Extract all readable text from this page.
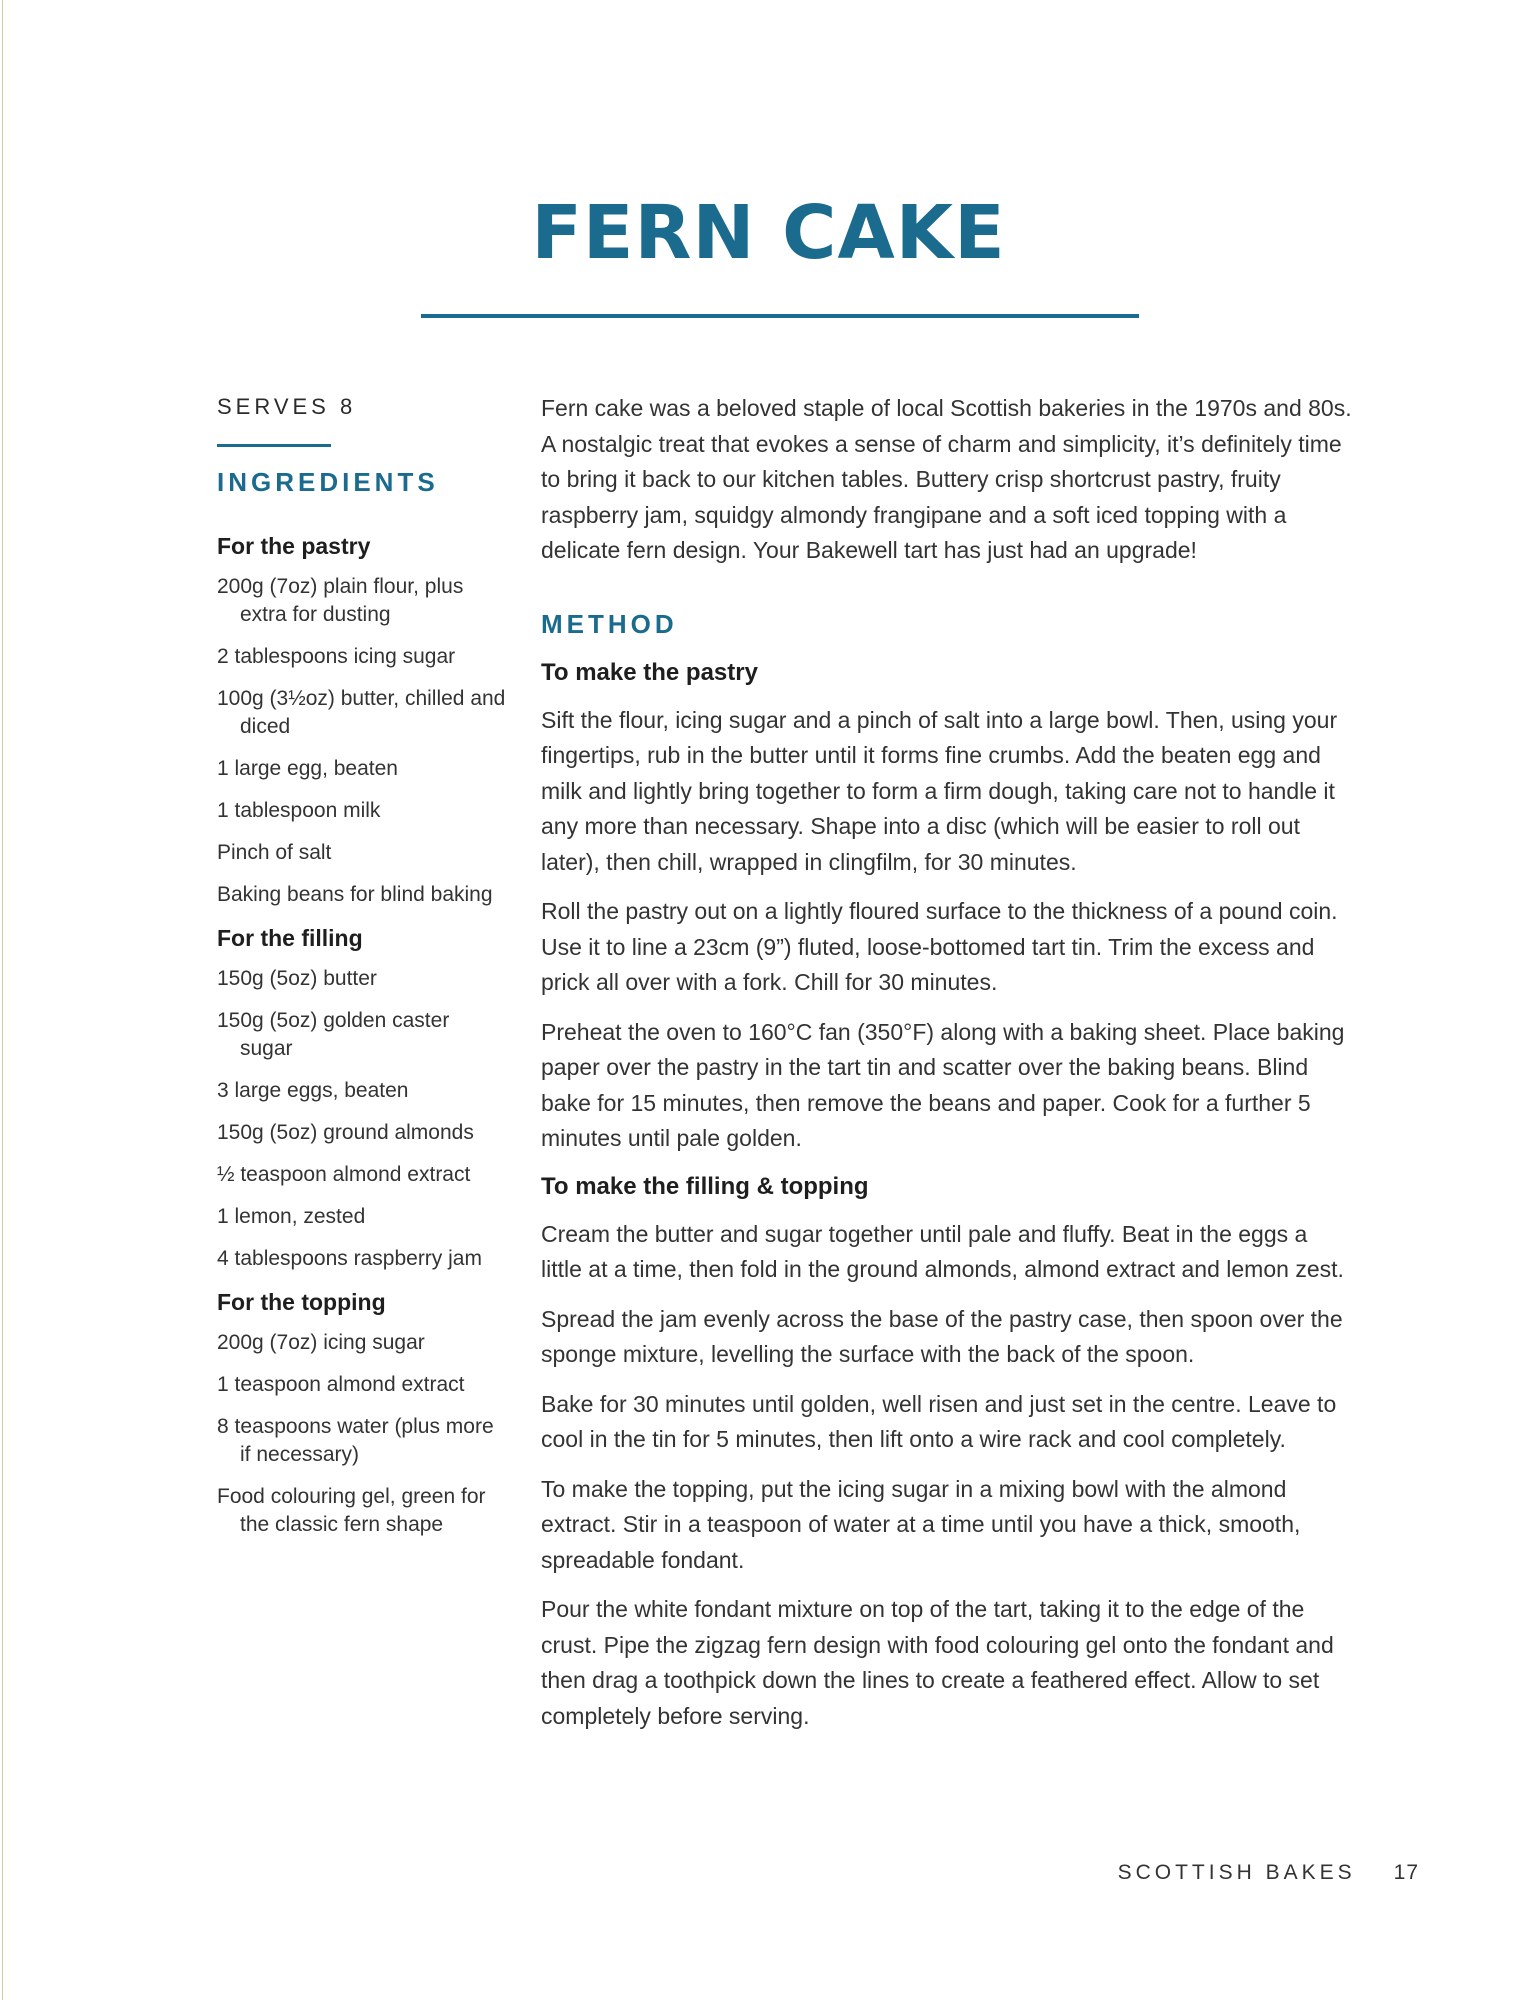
FERN CAKE
SERVES 8
INGREDIENTS
For the pastry
200g (7oz) plain flour, plus extra for dusting
2 tablespoons icing sugar
100g (3½oz) butter, chilled and diced
1 large egg, beaten
1 tablespoon milk
Pinch of salt
Baking beans for blind baking
For the filling
150g (5oz) butter
150g (5oz) golden caster sugar
3 large eggs, beaten
150g (5oz) ground almonds
½ teaspoon almond extract
1 lemon, zested
4 tablespoons raspberry jam
For the topping
200g (7oz) icing sugar
1 teaspoon almond extract
8 teaspoons water (plus more if necessary)
Food colouring gel, green for the classic fern shape

Fern cake was a beloved staple of local Scottish bakeries in the 1970s and 80s. A nostalgic treat that evokes a sense of charm and simplicity, it’s definitely time to bring it back to our kitchen tables. Buttery crisp shortcrust pastry, fruity raspberry jam, squidgy almondy frangipane and a soft iced topping with a delicate fern design. Your Bakewell tart has just had an upgrade!

METHOD
To make the pastry

Sift the flour, icing sugar and a pinch of salt into a large bowl. Then, using your fingertips, rub in the butter until it forms fine crumbs. Add the beaten egg and milk and lightly bring together to form a firm dough, taking care not to handle it any more than necessary. Shape into a disc (which will be easier to roll out later), then chill, wrapped in clingfilm, for 30 minutes.

Roll the pastry out on a lightly floured surface to the thickness of a pound coin. Use it to line a 23cm (9”) fluted, loose-bottomed tart tin. Trim the excess and prick all over with a fork. Chill for 30 minutes.

Preheat the oven to 160°C fan (350°F) along with a baking sheet. Place baking paper over the pastry in the tart tin and scatter over the baking beans. Blind bake for 15 minutes, then remove the beans and paper. Cook for a further 5 minutes until pale golden.

To make the filling & topping

Cream the butter and sugar together until pale and fluffy. Beat in the eggs a little at a time, then fold in the ground almonds, almond extract and lemon zest.

Spread the jam evenly across the base of the pastry case, then spoon over the sponge mixture, levelling the surface with the back of the spoon.

Bake for 30 minutes until golden, well risen and just set in the centre. Leave to cool in the tin for 5 minutes, then lift onto a wire rack and cool completely.

To make the topping, put the icing sugar in a mixing bowl with the almond extract. Stir in a teaspoon of water at a time until you have a thick, smooth, spreadable fondant.

Pour the white fondant mixture on top of the tart, taking it to the edge of the crust. Pipe the zigzag fern design with food colouring gel onto the fondant and then drag a toothpick down the lines to create a feathered effect. Allow to set completely before serving.

SCOTTISH BAKES 17
